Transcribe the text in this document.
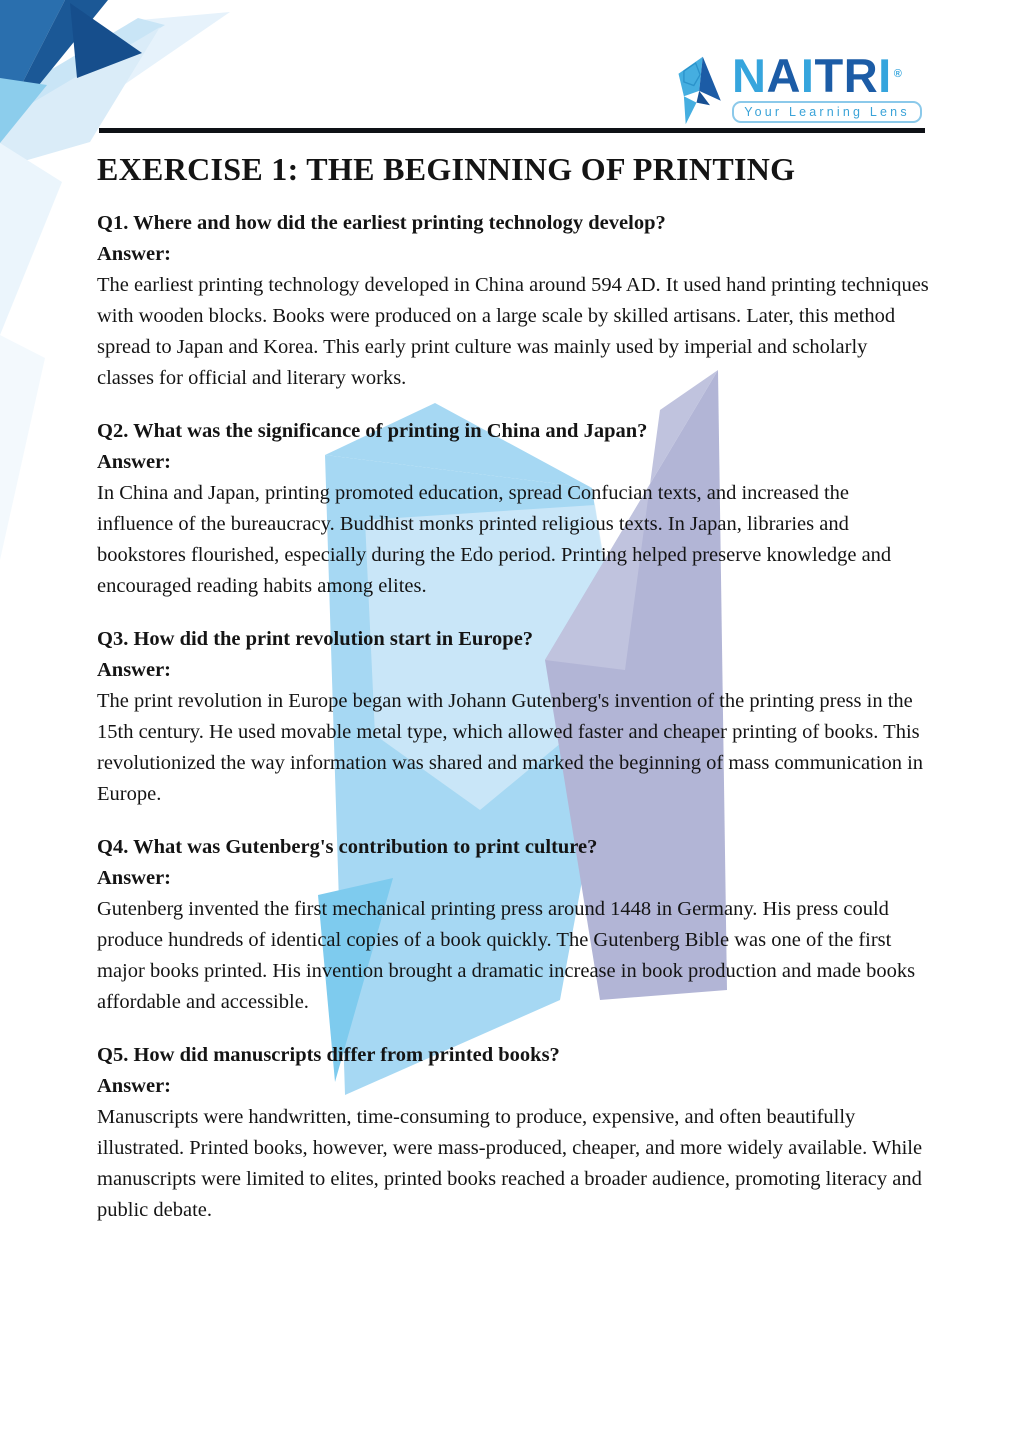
NAITRI ®
Your Learning Lens
EXERCISE 1: THE BEGINNING OF PRINTING

Q1. Where and how did the earliest printing technology develop?

Answer:

The earliest printing technology developed in China around 594 AD. It used hand printing techniques with wooden blocks. Books were produced on a large scale by skilled artisans. Later, this method spread to Japan and Korea. This early print culture was mainly used by imperial and scholarly classes for official and literary works.

Q2. What was the significance of printing in China and Japan?

Answer:

In China and Japan, printing promoted education, spread Confucian texts, and increased the influence of the bureaucracy. Buddhist monks printed religious texts. In Japan, libraries and bookstores flourished, especially during the Edo period. Printing helped preserve knowledge and encouraged reading habits among elites.

Q3. How did the print revolution start in Europe?

Answer:

The print revolution in Europe began with Johann Gutenberg's invention of the printing press in the 15th century. He used movable metal type, which allowed faster and cheaper printing of books. This revolutionized the way information was shared and marked the beginning of mass communication in Europe.

Q4. What was Gutenberg's contribution to print culture?

Answer:

Gutenberg invented the first mechanical printing press around 1448 in Germany. His press could produce hundreds of identical copies of a book quickly. The Gutenberg Bible was one of the first major books printed. His invention brought a dramatic increase in book production and made books affordable and accessible.

Q5. How did manuscripts differ from printed books?

Answer:

Manuscripts were handwritten, time-consuming to produce, expensive, and often beautifully illustrated. Printed books, however, were mass-produced, cheaper, and more widely available. While manuscripts were limited to elites, printed books reached a broader audience, promoting literacy and public debate.
